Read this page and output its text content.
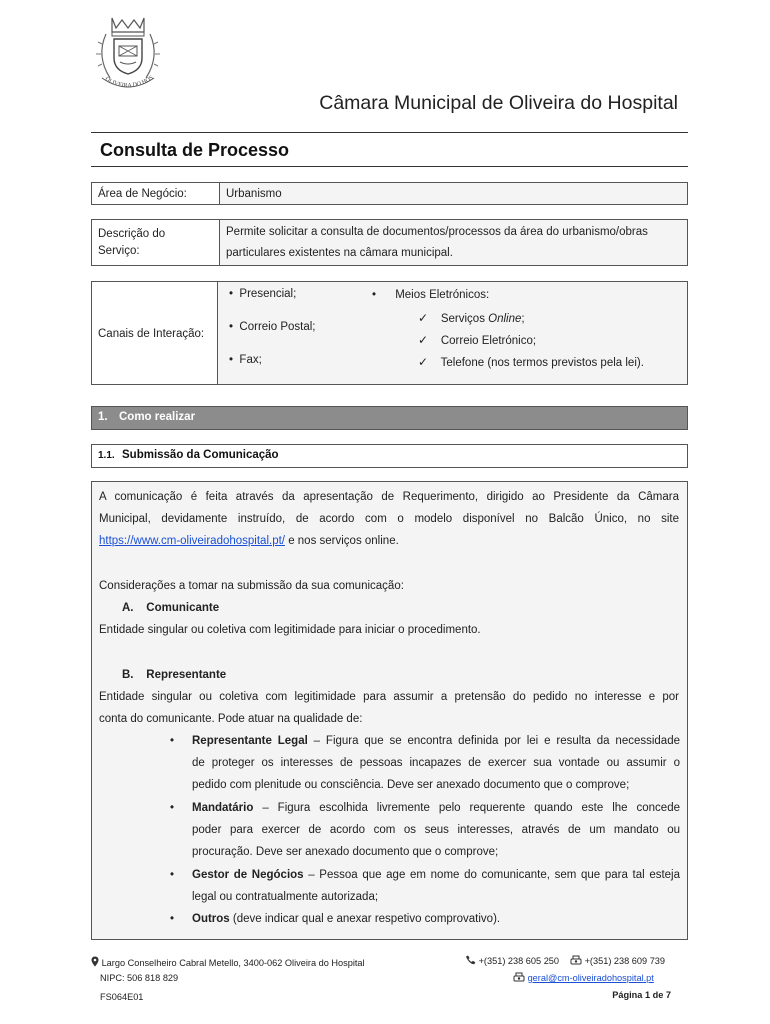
OLIVEIRA DO HOS
Câmara Municipal de Oliveira do Hospital
Consulta de Processo
Área de Negócio:	Urbanismo
Descrição do
Serviço:	Permite solicitar a consulta de documentos/processos da área do urbanismo/obras
particulares existentes na câmara municipal.
Canais de Interação:
•  Presencial;
•  Correio Postal;
•  Fax;
•      Meios Eletrónicos:
✓ Serviços Online;
✓ Correio Eletrónico;
✓ Telefone (nos termos previstos pela lei).
1. Como realizar
1.1. Submissão da Comunicação

A comunicação é feita através da apresentação de Requerimento, dirigido ao Presidente da Câmara

Municipal, devidamente instruído, de acordo com o modelo disponível no Balcão Único, no site

https://www.cm-oliveiradohospital.pt/ e nos serviços online.

Considerações a tomar na submissão da sua comunicação:

A. Comunicante

Entidade singular ou coletiva com legitimidade para iniciar o procedimento.

B. Representante

Entidade singular ou coletiva com legitimidade para assumir a pretensão do pedido no interesse e por

conta do comunicante. Pode atuar na qualidade de:

• Representante Legal – Figura que se encontra definida por lei e resulta da necessidade

de proteger os interesses de pessoas incapazes de exercer sua vontade ou assumir o

pedido com plenitude ou consciência. Deve ser anexado documento que o comprove;

• Mandatário – Figura escolhida livremente pelo requerente quando este lhe concede

poder para exercer de acordo com os seus interesses, através de um mandato ou

procuração. Deve ser anexado documento que o comprove;

• Gestor de Negócios – Pessoa que age em nome do comunicante, sem que para tal esteja

legal ou contratualmente autorizada;

• Outros (deve indicar qual e anexar respetivo comprovativo).

Largo Conselheiro Cabral Metello, 3400-062 Oliveira do Hospital
NIPC: 506 818 829
FS064E01
+(351) 238 605 250	+(351) 238 609 739
geral@cm-oliveiradohospital.pt
Página 1 de 7
